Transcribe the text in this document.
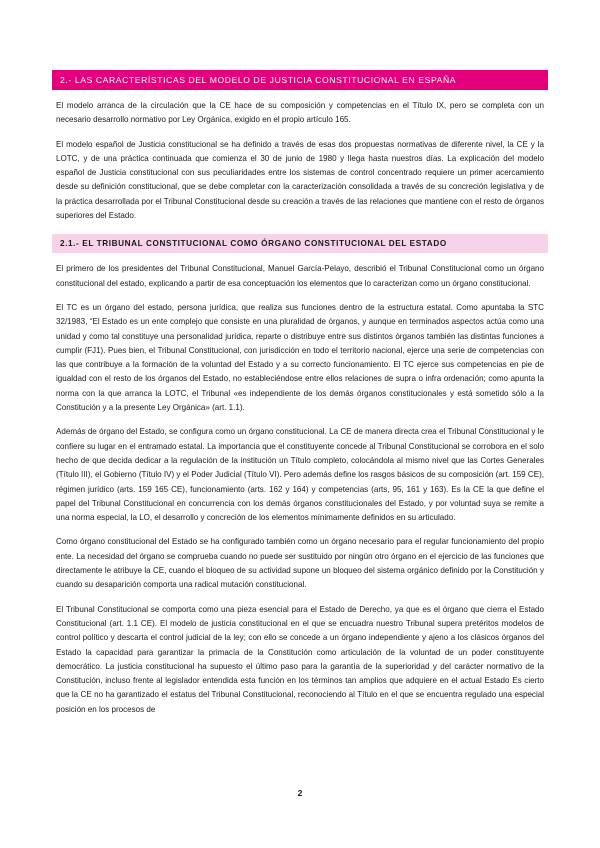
2.- LAS CARACTERÍSTICAS DEL MODELO DE JUSTICIA CONSTITUCIONAL EN ESPAÑA

El modelo arranca de la circulación que la CE hace de su composición y competencias en el Título IX, pero se completa con un necesario desarrollo normativo por Ley Orgánica, exigido en el propio artículo 165.

El modelo español de Justicia constitucional se ha definido a través de esas dos propuestas normativas de diferente nivel, la CE y la LOTC, y de una práctica continuada que comienza el 30 de junio de 1980 y llega hasta nuestros días. La explicación del modelo español de Justicia constitucional con sus peculiaridades entre los sistemas de control concentrado requiere un primer acercamiento desde su definición constitucional, que se debe completar con la caracterización consolidada a través de su concreción legislativa y de la práctica desarrollada por el Tribunal Constitucional desde su creación a través de las relaciones que mantiene con el resto de órganos superiores del Estado.

2.1.- EL TRIBUNAL CONSTITUCIONAL COMO ÓRGANO CONSTITUCIONAL DEL ESTADO

El primero de los presidentes del Tribunal Constitucional, Manuel García-Pelayo, describió el Tribunal Constitucional como un órgano constitucional del estado, explicando a partir de esa conceptuación los elementos que lo caracterizan como un órgano constitucional.

El TC es un órgano del estado, persona jurídica, que realiza sus funciones dentro de la estructura estatal. Como apuntaba la STC 32/1983, “El Estado es un ente complejo que consiste en una pluralidad de órganos, y aunque en terminados aspectos actúa como una unidad y como tal constituye una personalidad jurídica, reparte o distribuye entre sus distintos órganos también las distintas funciones a cumplir (FJ1). Pues bien, el Tribunal Constitucional, con jurisdicción en todo el territorio nacional, ejerce una serie de competencias con las que contribuye a la formación de la voluntad del Estado y a su correcto funcionamiento. El TC ejerce sus competencias en pie de igualdad con el resto de los órganos del Estado, no estableciéndose entre ellos relaciones de supra o infra ordenación; como apunta la norma con la que arranca la LOTC, el Tribunal «es independiente de los demás órganos constitucionales y está sometido sólo a la Constitución y a la presente Ley Orgánica» (art. 1.1).

Además de órgano del Estado, se configura como un órgano constitucional. La CE de manera directa crea el Tribunal Constitucional y le confiere su lugar en el entramado estatal. La importancia que el constituyente concede al Tribunal Constitucional se corrobora en el solo hecho de que decida dedicar a la regulación de la institución un Título completo, colocándola al mismo nivel que las Cortes Generales (Título III), el Gobierno (Título IV) y el Poder Judicial (Título VI). Pero además define los rasgos básicos de su composición (art. 159 CE), régimen jurídico (arts. 159 165 CE), funcionamiento (arts. 162 y 164) y competencias (arts, 95, 161 y 163). Es la CE la que define el papel del Tribunal Constitucional en concurrencia con los demás órganos constitucionales del Estado, y por voluntad suya se remite a una norma especial, la LO, el desarrollo y concreción de los elementos mínimamente definidos en su articulado.

Como órgano constitucional del Estado se ha configurado también como un órgano necesario para el regular funcionamiento del propio ente. La necesidad del órgano se comprueba cuando no puede ser sustituido por ningún otro órgano en el ejercicio de las funciones que directamente le atribuye la CE, cuando el bloqueo de su actividad supone un bloqueo del sistema orgánico definido por la Constitución y cuando su desaparición comporta una radical mutación constitucional.

El Tribunal Constitucional se comporta como una pieza esencial para el Estado de Derecho, ya que es el órgano que cierra el Estado Constitucional (art. 1.1 CE). El modelo de justicia constitucional en el que se encuadra nuestro Tribunal supera pretéritos modelos de control político y descarta el control judicial de la ley; con ello se concede a un órgano independiente y ajeno a los clásicos órganos del Estado la capacidad para garantizar la primacía de la Constitución como articulación de la voluntad de un poder constituyente democrático. La justicia constitucional ha supuesto el último paso para la garantía de la superioridad y del carácter normativo de la Constitución, incluso frente al legislador entendida esta función en los términos tan amplios que adquiere en el actual Estado Es cierto que la CE no ha garantizado el estatus del Tribunal Constitucional, reconociendo al Título en el que se encuentra regulado una especial posición en los procesos de

2
